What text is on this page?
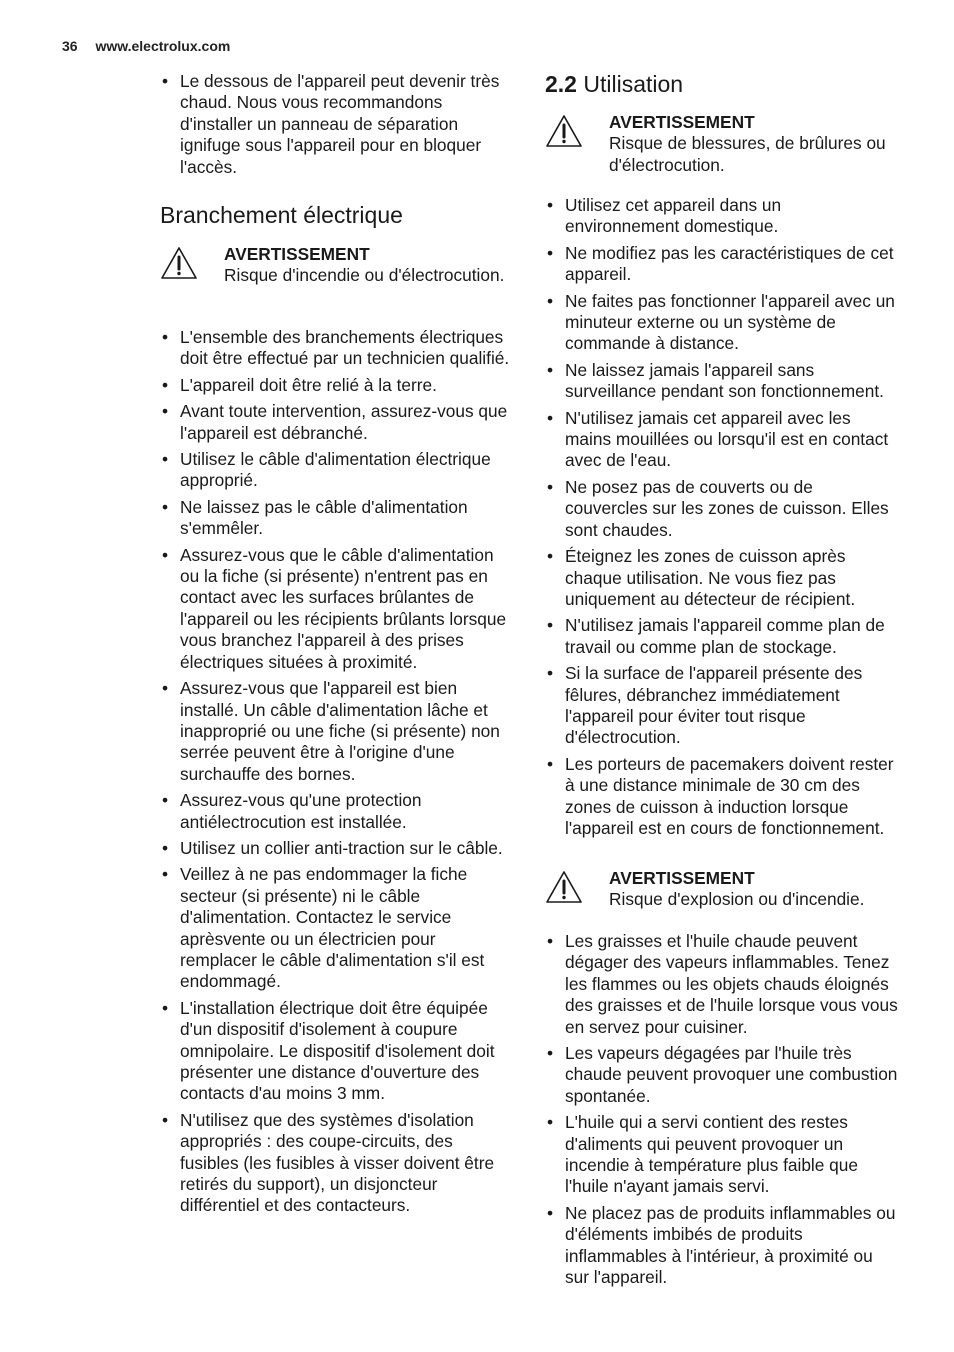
36 www.electrolux.com
• Le dessous de l'appareil peut devenir très chaud. Nous vous recommandons d'installer un panneau de séparation ignifuge sous l'appareil pour en bloquer l'accès.
Branchement électrique
AVERTISSEMENT
Risque d'incendie ou d'électrocution.
• L'ensemble des branchements électriques doit être effectué par un technicien qualifié.
• L'appareil doit être relié à la terre.
• Avant toute intervention, assurez-vous que l'appareil est débranché.
• Utilisez le câble d'alimentation électrique approprié.
• Ne laissez pas le câble d'alimentation s'emmêler.
• Assurez-vous que le câble d'alimentation ou la fiche (si présente) n'entrent pas en contact avec les surfaces brûlantes de l'appareil ou les récipients brûlants lorsque vous branchez l'appareil à des prises électriques situées à proximité.
• Assurez-vous que l'appareil est bien installé. Un câble d'alimentation lâche et inapproprié ou une fiche (si présente) non serrée peuvent être à l'origine d'une surchauffe des bornes.
• Assurez-vous qu'une protection antiélectrocution est installée.
• Utilisez un collier anti-traction sur le câble.
• Veillez à ne pas endommager la fiche secteur (si présente) ni le câble d'alimentation. Contactez le service aprèsvente ou un électricien pour remplacer le câble d'alimentation s'il est endommagé.
• L'installation électrique doit être équipée d'un dispositif d'isolement à coupure omnipolaire. Le dispositif d'isolement doit présenter une distance d'ouverture des contacts d'au moins 3 mm.
• N'utilisez que des systèmes d'isolation appropriés : des coupe-circuits, des fusibles (les fusibles à visser doivent être retirés du support), un disjoncteur différentiel et des contacteurs.
2.2 Utilisation
AVERTISSEMENT
Risque de blessures, de brûlures ou d'électrocution.
• Utilisez cet appareil dans un environnement domestique.
• Ne modifiez pas les caractéristiques de cet appareil.
• Ne faites pas fonctionner l'appareil avec un minuteur externe ou un système de commande à distance.
• Ne laissez jamais l'appareil sans surveillance pendant son fonctionnement.
• N'utilisez jamais cet appareil avec les mains mouillées ou lorsqu'il est en contact avec de l'eau.
• Ne posez pas de couverts ou de couvercles sur les zones de cuisson. Elles sont chaudes.
• Éteignez les zones de cuisson après chaque utilisation. Ne vous fiez pas uniquement au détecteur de récipient.
• N'utilisez jamais l'appareil comme plan de travail ou comme plan de stockage.
• Si la surface de l'appareil présente des fêlures, débranchez immédiatement l'appareil pour éviter tout risque d'électrocution.
• Les porteurs de pacemakers doivent rester à une distance minimale de 30 cm des zones de cuisson à induction lorsque l'appareil est en cours de fonctionnement.
AVERTISSEMENT
Risque d'explosion ou d'incendie.
• Les graisses et l'huile chaude peuvent dégager des vapeurs inflammables. Tenez les flammes ou les objets chauds éloignés des graisses et de l'huile lorsque vous vous en servez pour cuisiner.
• Les vapeurs dégagées par l'huile très chaude peuvent provoquer une combustion spontanée.
• L'huile qui a servi contient des restes d'aliments qui peuvent provoquer un incendie à température plus faible que l'huile n'ayant jamais servi.
• Ne placez pas de produits inflammables ou d'éléments imbibés de produits inflammables à l'intérieur, à proximité ou sur l'appareil.
